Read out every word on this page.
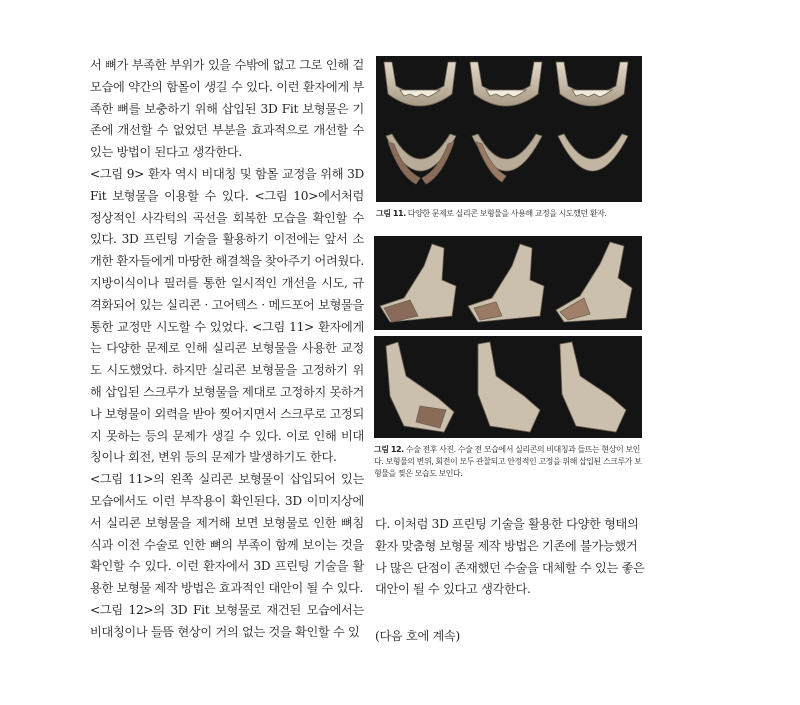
서 뼈가 부족한 부위가 있을 수밖에 없고 그로 인해 겉모습에 약간의 함몰이 생길 수 있다. 이런 환자에게 부족한 뼈를 보충하기 위해 삽입된 3D Fit 보형물은 기존에 개선할 수 없었던 부분을 효과적으로 개선할 수 있는 방법이 된다고 생각한다.

<그림 9> 환자 역시 비대칭 및 함몰 교정을 위해 3D Fit 보형물을 이용할 수 있다. <그림 10>에서처럼 정상적인 사각턱의 곡선을 회복한 모습을 확인할 수 있다. 3D 프린팅 기술을 활용하기 이전에는 앞서 소개한 환자들에게 마땅한 해결책을 찾아주기 어려웠다. 지방이식이나 필러를 통한 일시적인 개선을 시도, 규격화되어 있는 실리콘 · 고어텍스 · 메드포어 보형물을 통한 교정만 시도할 수 있었다. <그림 11> 환자에게는 다양한 문제로 인해 실리콘 보형물을 사용한 교정도 시도했었다. 하지만 실리콘 보형물을 고정하기 위해 삽입된 스크루가 보형물을 제대로 고정하지 못하거나 보형물이 외력을 받아 찢어지면서 스크루로 고정되지 못하는 등의 문제가 생길 수 있다. 이로 인해 비대칭이나 회전, 변위 등의 문제가 발생하기도 한다.

<그림 11>의 왼쪽 실리콘 보형물이 삽입되어 있는 모습에서도 이런 부작용이 확인된다. 3D 이미지상에서 실리콘 보형물을 제거해 보면 보형물로 인한 뼈침식과 이전 수술로 인한 뼈의 부족이 함께 보이는 것을 확인할 수 있다. 이런 환자에서 3D 프린팅 기술을 활용한 보형물 제작 방법은 효과적인 대안이 될 수 있다.

<그림 12>의 3D Fit 보형물로 재건된 모습에서는 비대칭이나 들뜸 현상이 거의 없는 것을 확인할 수 있

그림 11. 다양한 문제로 실리콘 보형물을 사용해 교정을 시도했던 환자.
그림 12. 수술 전후 사진. 수술 전 모습에서 실리콘의 비대칭과 들뜨는 현상이 보인다. 보형물의 변위, 회전이 모두 관찰되고 안정적인 고정을 위해 삽입된 스크루가 보형물을 찢은 모습도 보인다.

다. 이처럼 3D 프린팅 기술을 활용한 다양한 형태의 환자 맞춤형 보형물 제작 방법은 기존에 불가능했거나 많은 단점이 존재했던 수술을 대체할 수 있는 좋은 대안이 될 수 있다고 생각한다.

(다음 호에 계속)
